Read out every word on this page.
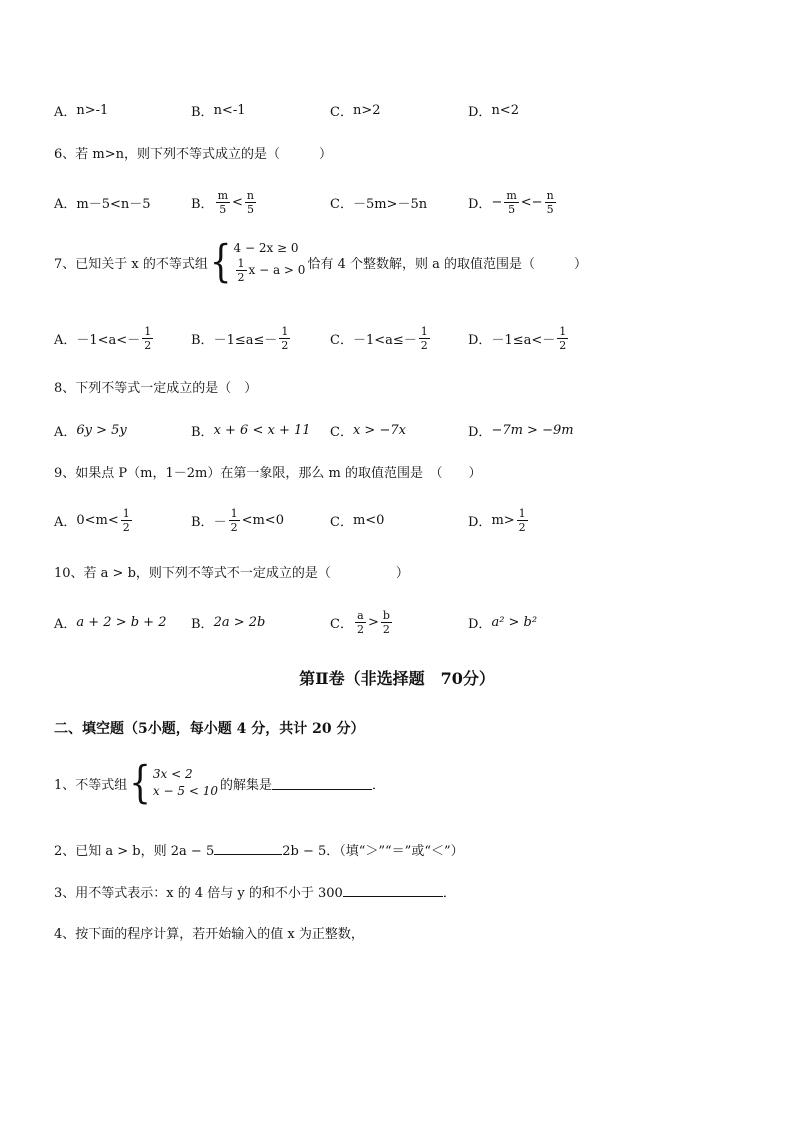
A． n>-1	B． n<-1	C． n>2	D． n<2
6、若 m>n，则下列不等式成立的是（　　　）
A． m－5<n－5	B． $\frac{m}{5} < \frac{n}{5}$	C． －5m>－5n	D． − $\frac{m}{5} <- \frac{n}{5}$
7、已知关于 x 的不等式组 { 4 − 2x ≥ 0
$\frac{1}{2}$ x − a > 0 恰有 4 个整数解，则 a 的取值范围是（　　　）
A． $-1<a<- \frac{1}{2}$	B． $-1\le a\le- \frac{1}{2}$	C． $-1<a\le- \frac{1}{2}$	D． $-1\le a<- \frac{1}{2}$
8、下列不等式一定成立的是（　）
A． 6y > 5y	B． x + 6 < x + 11 C． x > −7x	D． −7m > −9m
9、如果点 P（m，1－2m）在第一象限，那么 m 的取值范围是　（　　）
A． $0<m< \frac{1}{2}$	B． － $\frac{1}{2} <m<0$	C． m<0	D． $m> \frac{1}{2}$
10、若 a > b，则下列不等式不一定成立的是（　　　　　）
A． a + 2 > b + 2 B． 2a > 2b	C． $\frac{a}{2} > \frac{b}{2}$	D． a² > b²
第Ⅱ卷（非选择题　70分）
二、填空题（5小题，每小题 4 分，共计 20 分）
1、不等式组 { 3x < 2
x − 5 < 10 的解集是	．
2、已知 a > b，则 2a − 5	2b − 5．（填“＞”“＝”或“＜”）
3、用不等式表示：x 的 4 倍与 y 的和不小于 300	．
4、按下面的程序计算，若开始输入的值 x 为正整数，
